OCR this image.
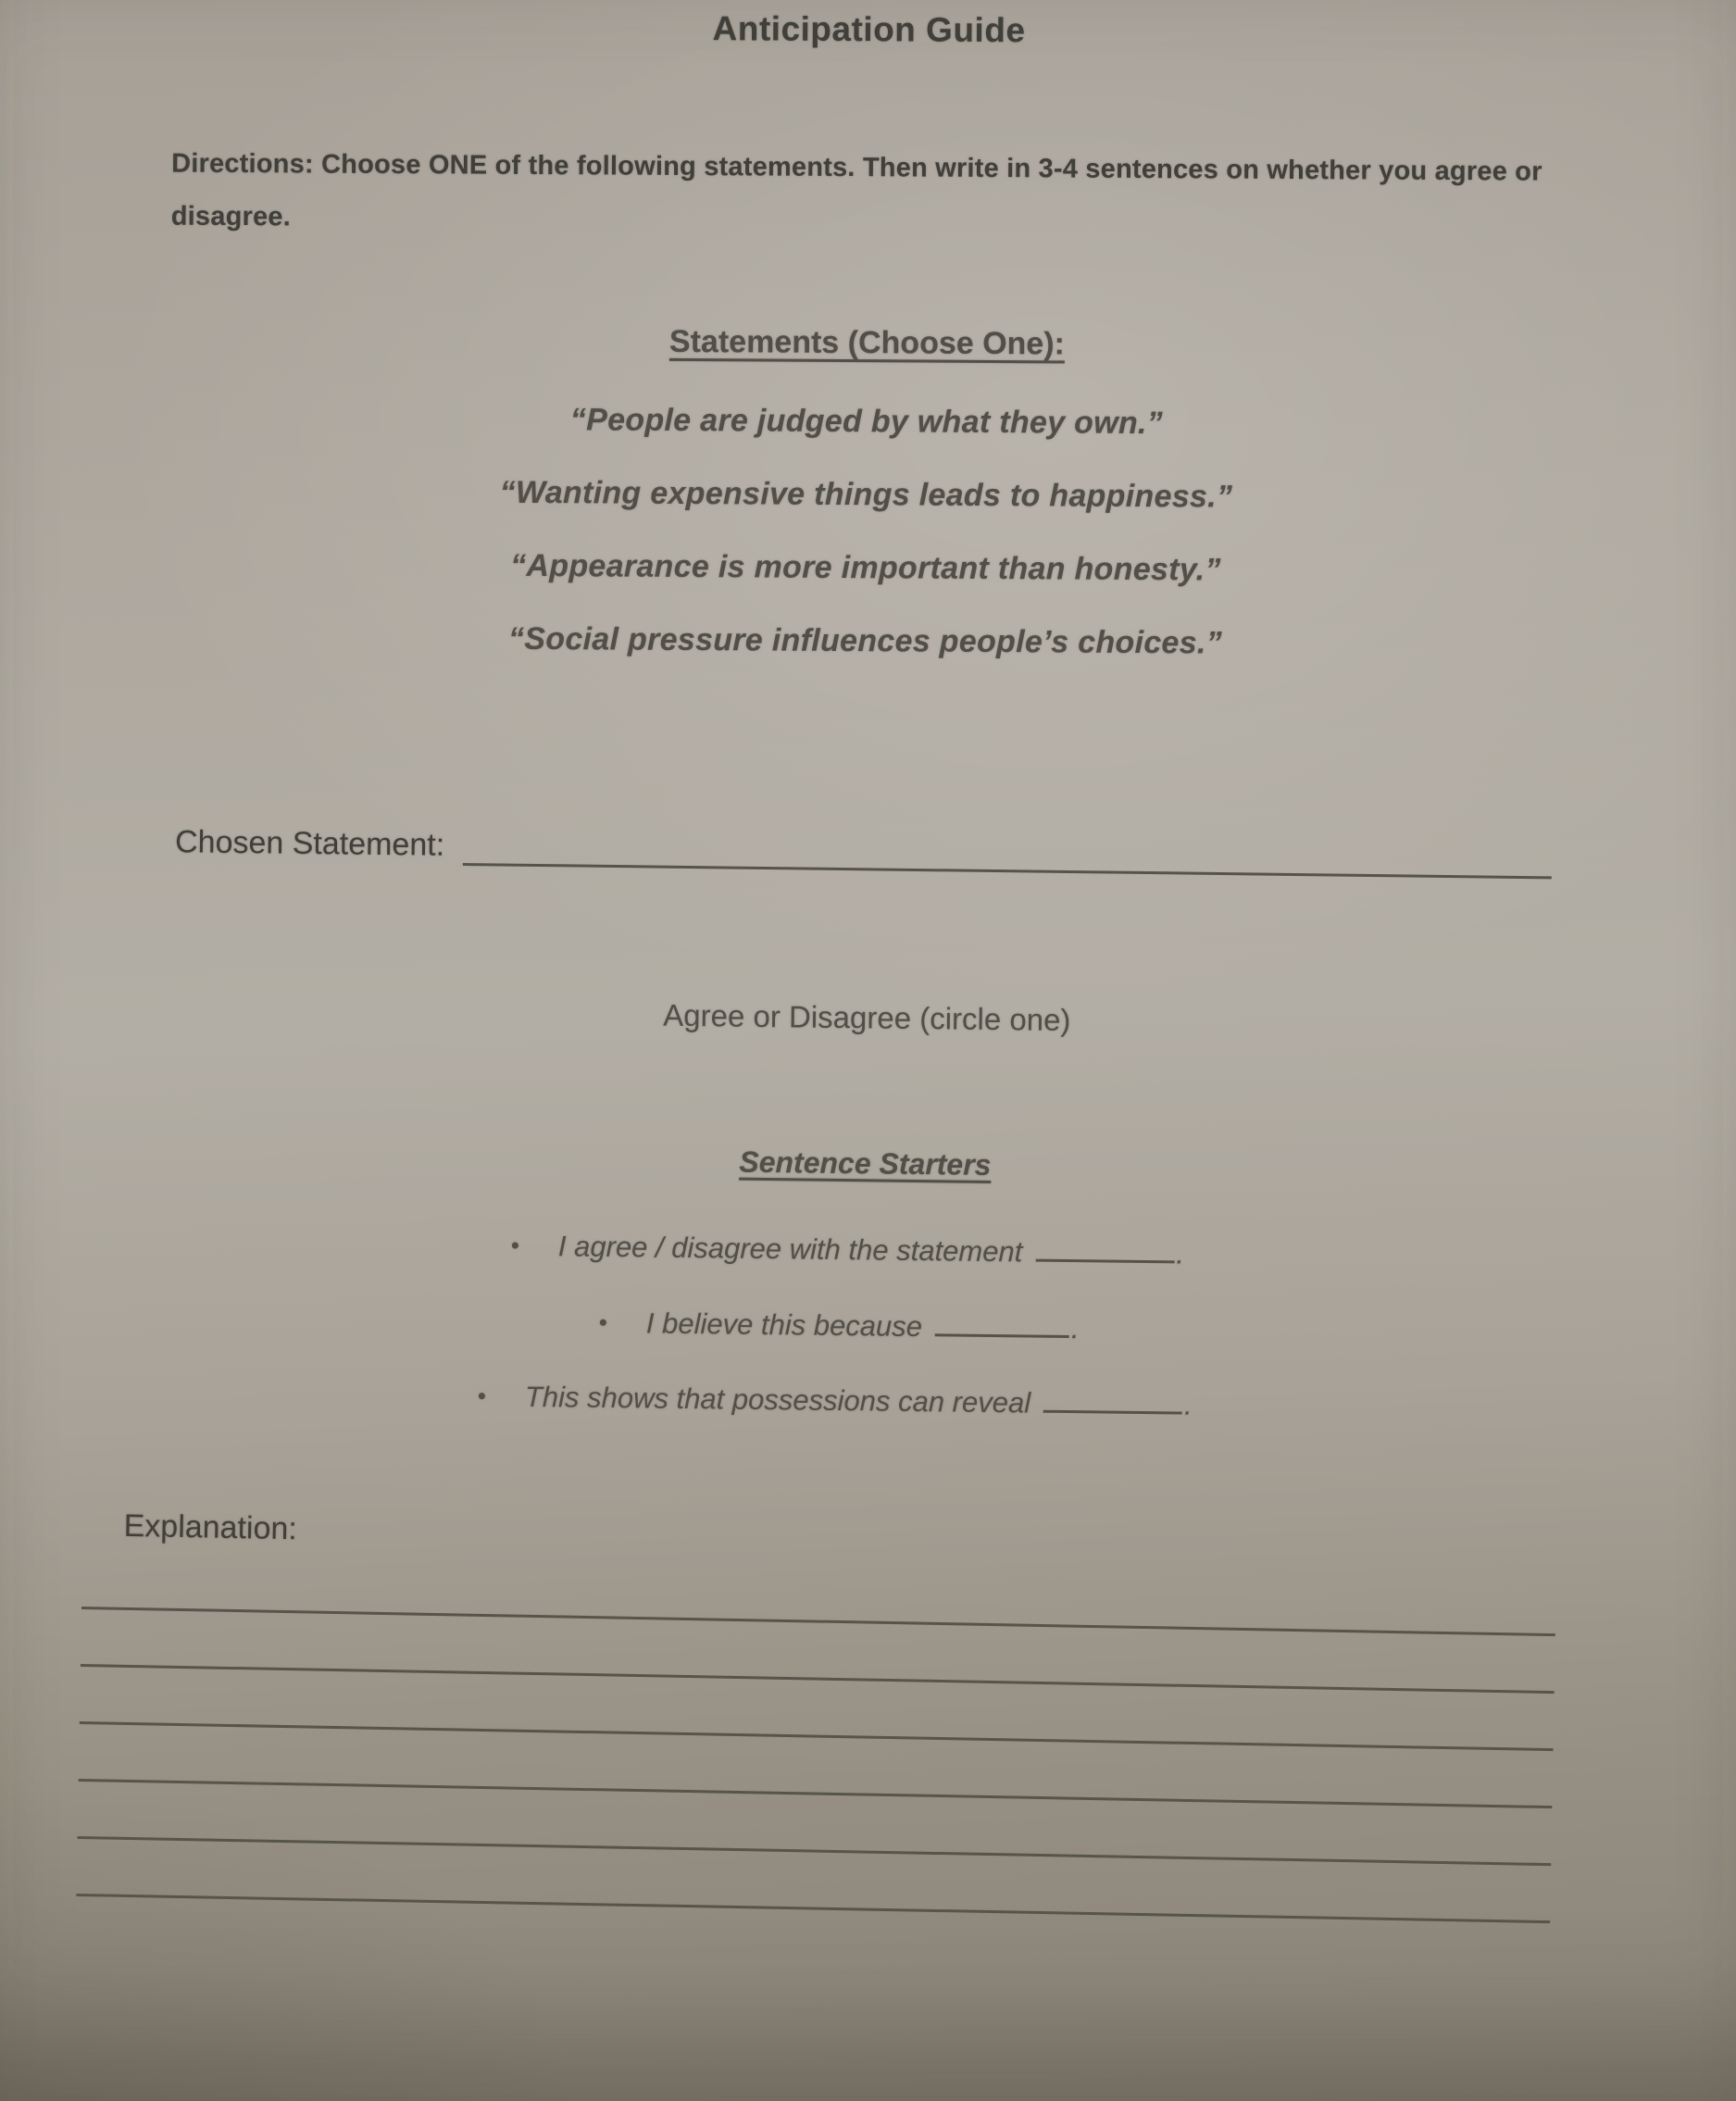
Anticipation Guide

Directions: Choose ONE of the following statements. Then write in 3-4 sentences on whether you agree or disagree.

Statements (Choose One):
“People are judged by what they own.”
“Wanting expensive things leads to happiness.”
“Appearance is more important than honesty.”
“Social pressure influences people’s choices.”
Chosen Statement:

Agree or Disagree (circle one)

Sentence Starters
• I agree / disagree with the statement	.
• I believe this because	.
• This shows that possessions can reveal	.

Explanation:
